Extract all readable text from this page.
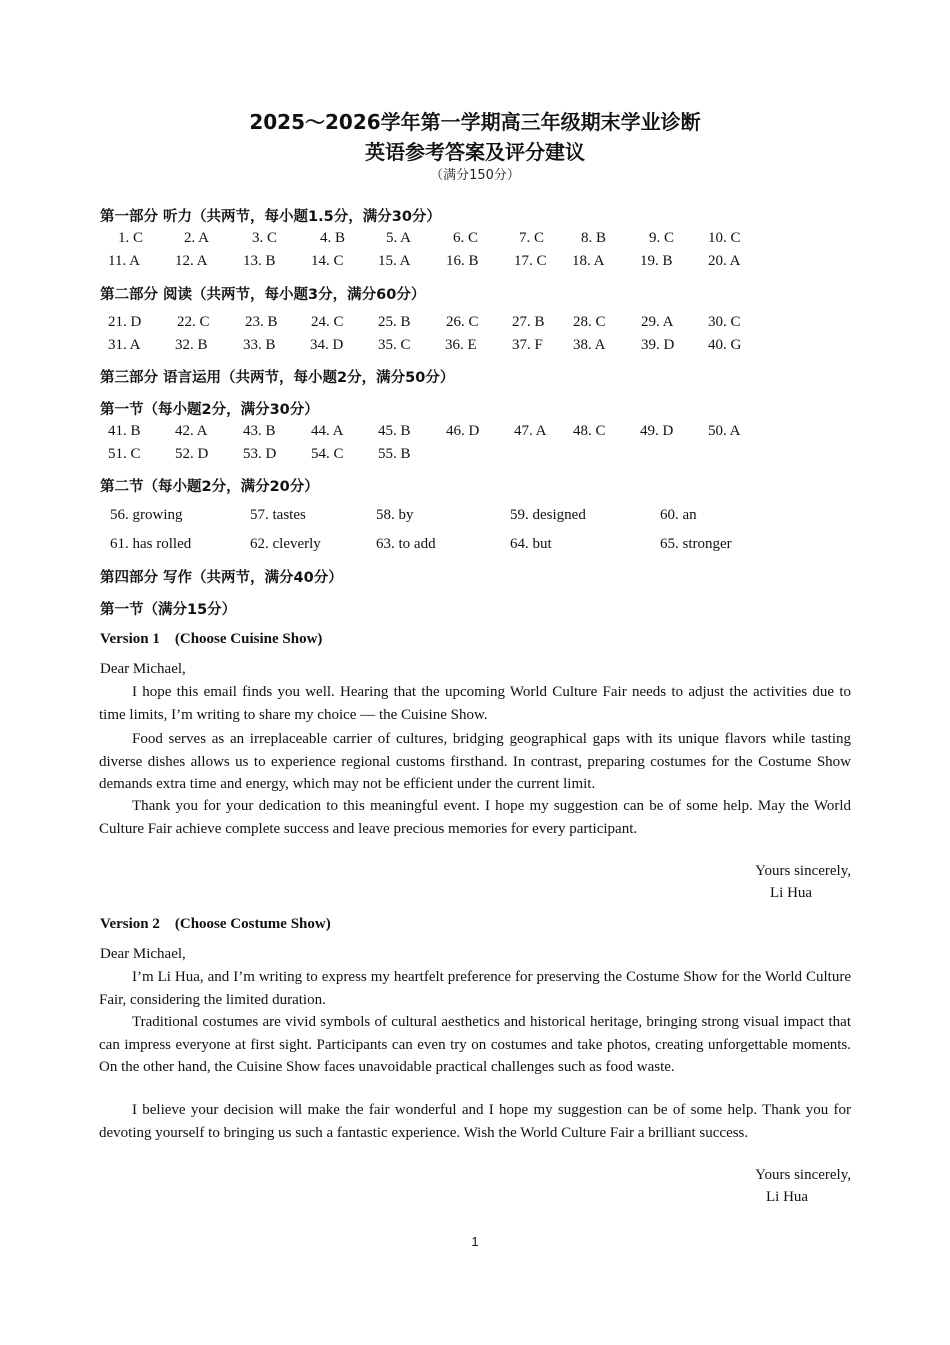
2025～2026学年第一学期高三年级期末学业诊断
英语参考答案及评分建议
（满分150分）
第一部分 听力（共两节，每小题1.5分，满分30分）
1. C	2. A	3. C	4. B	5. A	6. C	7. C 8. B	9. C 10. C
11. A 12. A 13. B 14. C 15. A 16. B 17. C 18. A 19. B 20. A
第二部分 阅读（共两节，每小题3分，满分60分）
21. D 22. C 23. B 24. C 25. B 26. C 27. B 28. C 29. A 30. C
31. A 32. B 33. B 34. D 35. C 36. E 37. F 38. A 39. D 40. G
第三部分 语言运用（共两节，每小题2分，满分50分）
第一节（每小题2分，满分30分）
41. B 42. A 43. B 44. A 45. B 46. D 47. A 48. C 49. D 50. A
51. C 52. D 53. D 54. C 55. B
第二节（每小题2分，满分20分）
56. growing	57. tastes	58. by	59. designed	60. an
61. has rolled	62. cleverly	63. to add	64. but	65. stronger
第四部分 写作（共两节，满分40分）
第一节（满分15分）
Version 1    (Choose Cuisine Show)
Dear Michael,
I hope this email finds you well. Hearing that the upcoming World Culture Fair needs to adjust the activities due to time limits, I’m writing to share my choice — the Cuisine Show.
Food serves as an irreplaceable carrier of cultures, bridging geographical gaps with its unique flavors while tasting diverse dishes allows us to experience regional customs firsthand. In contrast, preparing costumes for the Costume Show demands extra time and energy, which may not be efficient under the current limit.
Thank you for your dedication to this meaningful event. I hope my suggestion can be of some help. May the World Culture Fair achieve complete success and leave precious memories for every participant.
Yours sincerely,
Li Hua
Version 2    (Choose Costume Show)
Dear Michael,
I’m Li Hua, and I’m writing to express my heartfelt preference for preserving the Costume Show for the World Culture Fair, considering the limited duration.
Traditional costumes are vivid symbols of cultural aesthetics and historical heritage, bringing strong visual impact that can impress everyone at first sight. Participants can even try on costumes and take photos, creating unforgettable moments. On the other hand, the Cuisine Show faces unavoidable practical challenges such as food waste.
I believe your decision will make the fair wonderful and I hope my suggestion can be of some help. Thank you for devoting yourself to bringing us such a fantastic experience. Wish the World Culture Fair a brilliant success.
Yours sincerely,
Li Hua
1
